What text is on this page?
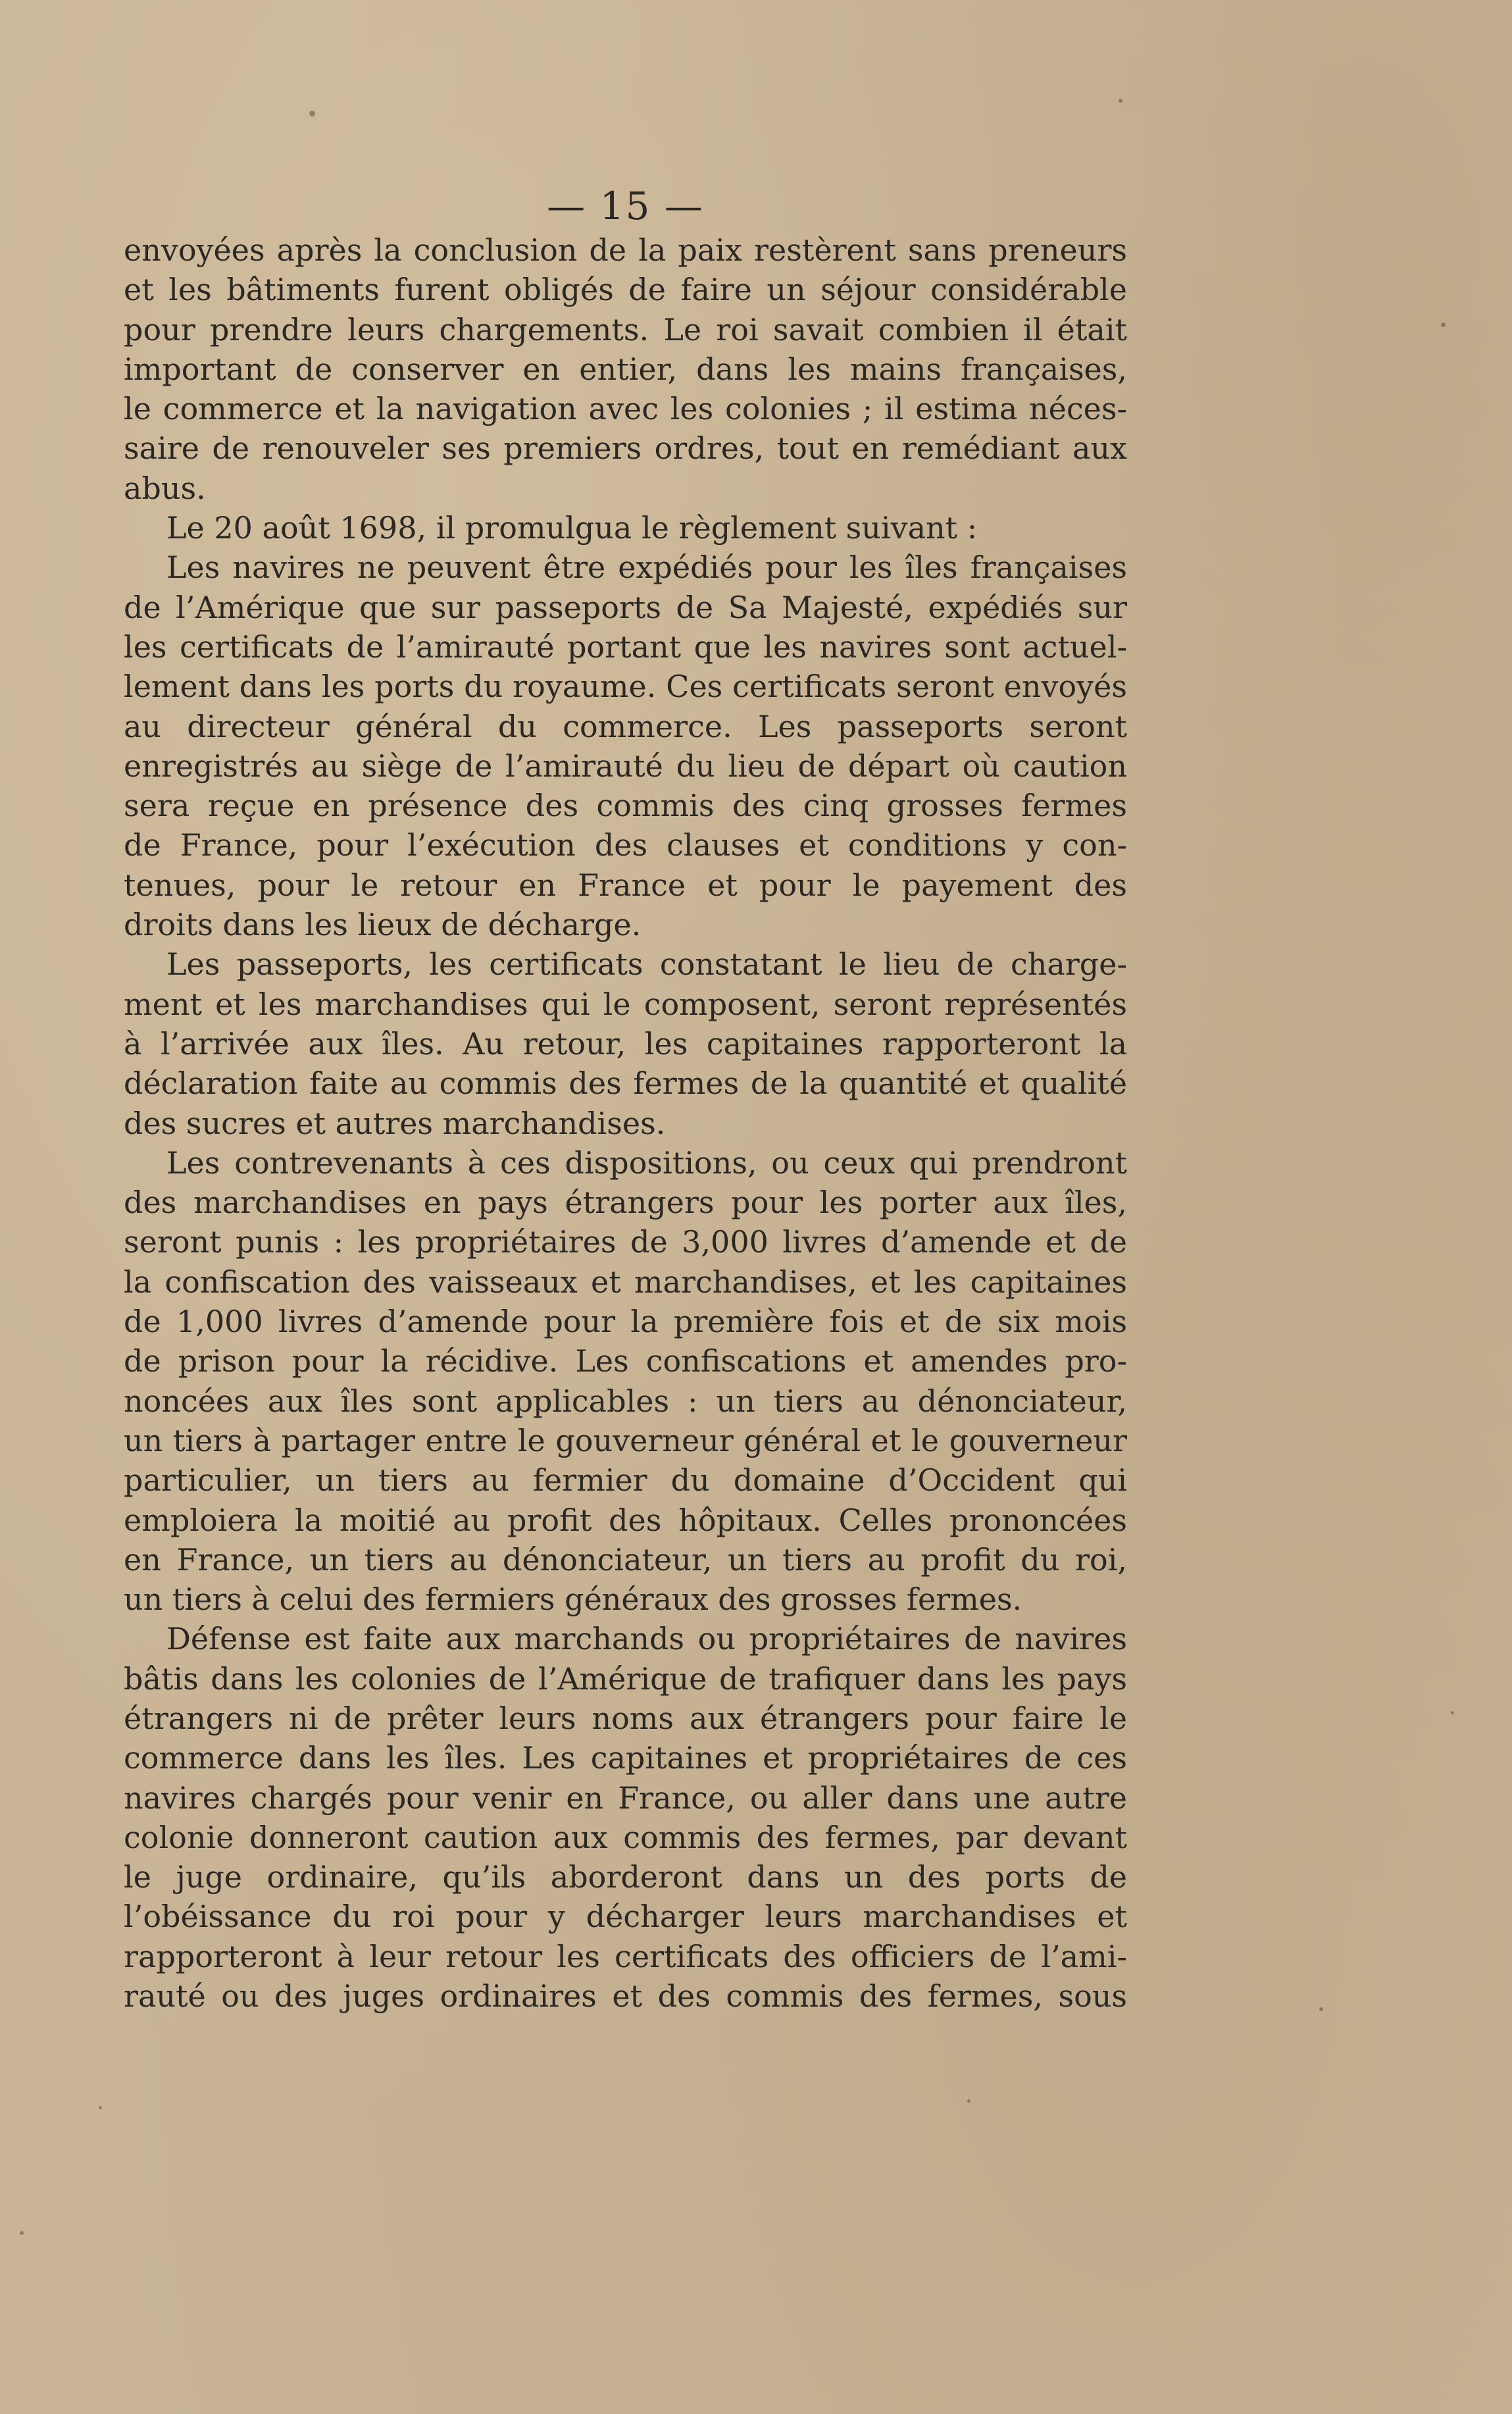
— 15 —
envoyées après la conclusion de la paix restèrent sans preneurs
et les bâtiments furent obligés de faire un séjour considérable
pour prendre leurs chargements. Le roi savait combien il était
important de conserver en entier, dans les mains françaises,
le commerce et la navigation avec les colonies ; il estima néces-
saire de renouveler ses premiers ordres, tout en remédiant aux
abus.
Le 20 août 1698, il promulgua le règlement suivant :
Les navires ne peuvent être expédiés pour les îles françaises
de l’Amérique que sur passeports de Sa Majesté, expédiés sur
les certificats de l’amirauté portant que les navires sont actuel-
lement dans les ports du royaume. Ces certificats seront envoyés
au directeur général du commerce. Les passeports seront
enregistrés au siège de l’amirauté du lieu de départ où caution
sera reçue en présence des commis des cinq grosses fermes
de France, pour l’exécution des clauses et conditions y con-
tenues, pour le retour en France et pour le payement des
droits dans les lieux de décharge.
Les passeports, les certificats constatant le lieu de charge-
ment et les marchandises qui le composent, seront représentés
à l’arrivée aux îles. Au retour, les capitaines rapporteront la
déclaration faite au commis des fermes de la quantité et qualité
des sucres et autres marchandises.
Les contrevenants à ces dispositions, ou ceux qui prendront
des marchandises en pays étrangers pour les porter aux îles,
seront punis : les propriétaires de 3,000 livres d’amende et de
la confiscation des vaisseaux et marchandises, et les capitaines
de 1,000 livres d’amende pour la première fois et de six mois
de prison pour la récidive. Les confiscations et amendes pro-
noncées aux îles sont applicables : un tiers au dénonciateur,
un tiers à partager entre le gouverneur général et le gouverneur
particulier, un tiers au fermier du domaine d’Occident qui
emploiera la moitié au profit des hôpitaux. Celles prononcées
en France, un tiers au dénonciateur, un tiers au profit du roi,
un tiers à celui des fermiers généraux des grosses fermes.
Défense est faite aux marchands ou propriétaires de navires
bâtis dans les colonies de l’Amérique de trafiquer dans les pays
étrangers ni de prêter leurs noms aux étrangers pour faire le
commerce dans les îles. Les capitaines et propriétaires de ces
navires chargés pour venir en France, ou aller dans une autre
colonie donneront caution aux commis des fermes, par devant
le juge ordinaire, qu’ils aborderont dans un des ports de
l’obéissance du roi pour y décharger leurs marchandises et
rapporteront à leur retour les certificats des officiers de l’ami-
rauté ou des juges ordinaires et des commis des fermes, sous
